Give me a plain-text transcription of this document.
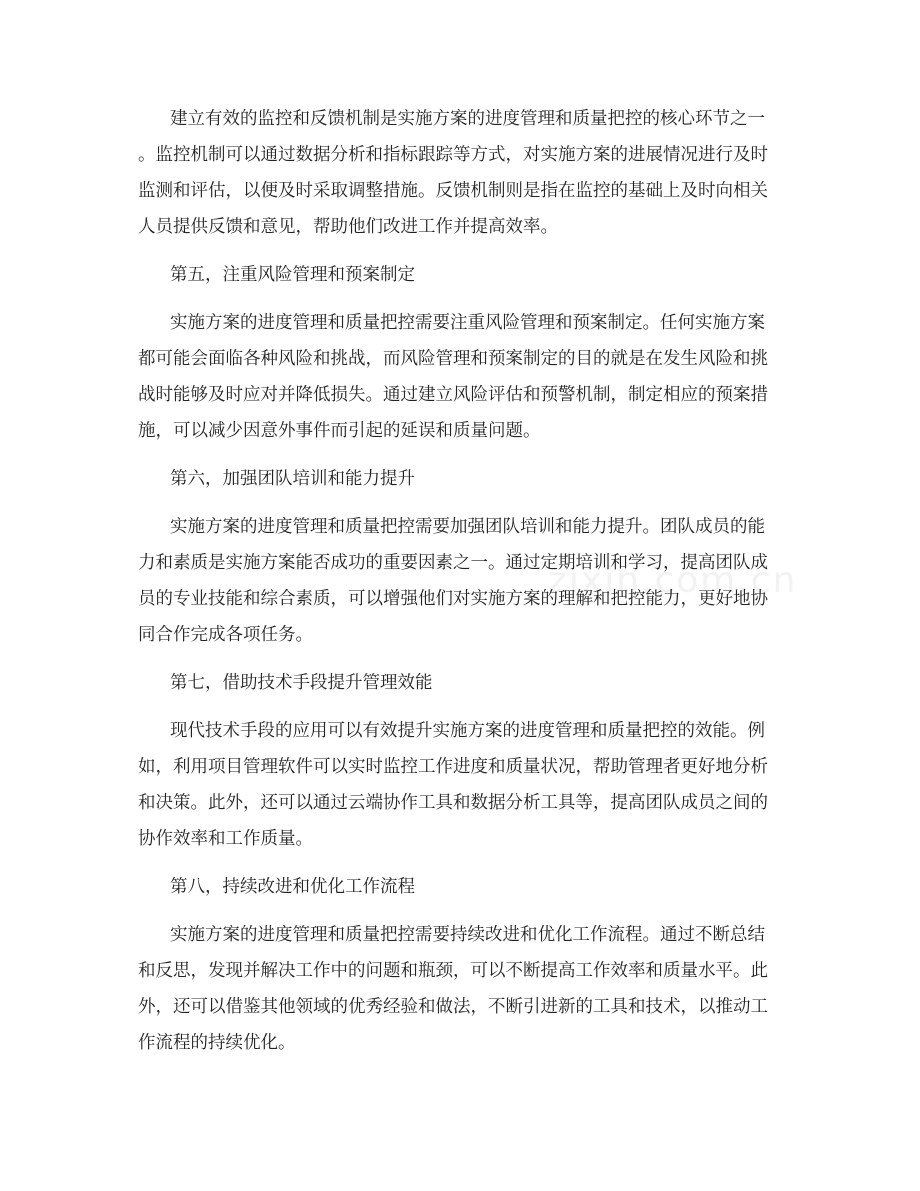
zixin.com.cn
建立有效的监控和反馈机制是实施方案的进度管理和质量把控的核心环节之一
。监控机制可以通过数据分析和指标跟踪等方式，对实施方案的进展情况进行及时
监测和评估，以便及时采取调整措施。反馈机制则是指在监控的基础上及时向相关
人员提供反馈和意见，帮助他们改进工作并提高效率。
第五，注重风险管理和预案制定
实施方案的进度管理和质量把控需要注重风险管理和预案制定。任何实施方案
都可能会面临各种风险和挑战，而风险管理和预案制定的目的就是在发生风险和挑
战时能够及时应对并降低损失。通过建立风险评估和预警机制，制定相应的预案措
施，可以减少因意外事件而引起的延误和质量问题。
第六，加强团队培训和能力提升
实施方案的进度管理和质量把控需要加强团队培训和能力提升。团队成员的能
力和素质是实施方案能否成功的重要因素之一。通过定期培训和学习，提高团队成
员的专业技能和综合素质，可以增强他们对实施方案的理解和把控能力，更好地协
同合作完成各项任务。
第七，借助技术手段提升管理效能
现代技术手段的应用可以有效提升实施方案的进度管理和质量把控的效能。例
如，利用项目管理软件可以实时监控工作进度和质量状况，帮助管理者更好地分析
和决策。此外，还可以通过云端协作工具和数据分析工具等，提高团队成员之间的
协作效率和工作质量。
第八，持续改进和优化工作流程
实施方案的进度管理和质量把控需要持续改进和优化工作流程。通过不断总结
和反思，发现并解决工作中的问题和瓶颈，可以不断提高工作效率和质量水平。此
外，还可以借鉴其他领域的优秀经验和做法，不断引进新的工具和技术，以推动工
作流程的持续优化。
